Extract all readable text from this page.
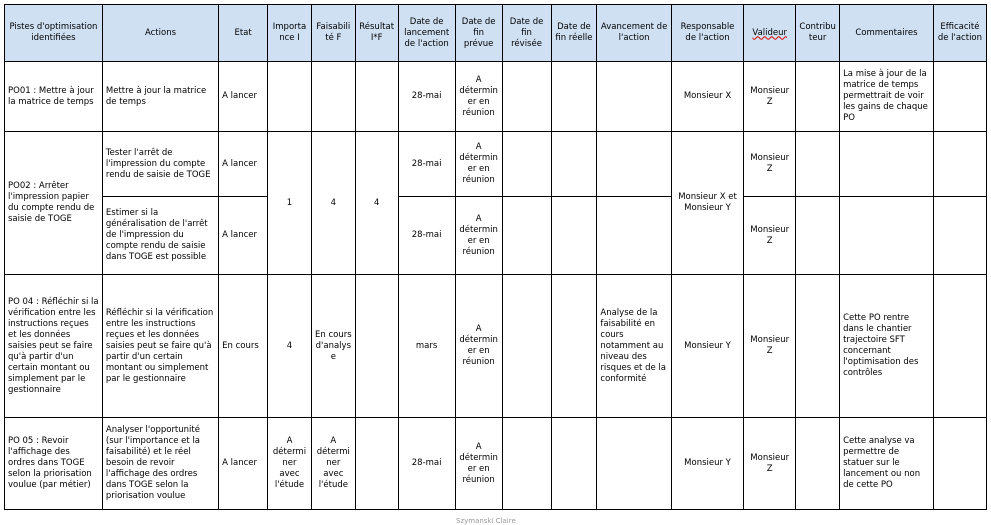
Pistes d'optimisation identifiées	Actions	Etat	Importance I	Faisabilité F	Résultat I*F	Date de lancement de l'action	Date de fin prévue	Date de fin révisée	Date de fin réelle	Avancement de l'action	Responsable de l'action	Valideur	Contributeur	Commentaires	Efficacité de l'action
PO01 : Mettre à jour la matrice de temps	Mettre à jour la matrice de temps	A lancer				28-mai	A déterminer en réunion				Monsieur X	Monsieur Z		La mise à jour de la matrice de temps permettrait de voir les gains de chaque PO	
PO02 : Arrêter l'impression papier du compte rendu de saisie de TOGE	Tester l'arrêt de l'impression du compte rendu de saisie de TOGE	A lancer	1	4	4	28-mai	A déterminer en réunion				Monsieur X et Monsieur Y	Monsieur Z			
	Estimer si la généralisation de l'arrêt de l'impression du compte rendu de saisie dans TOGE est possible	A lancer				28-mai	A déterminer en réunion					Monsieur Z			
PO 04 : Réfléchir si la vérification entre les instructions reçues et les données saisies peut se faire qu'à partir d'un certain montant ou simplement par le gestionnaire	Réfléchir si la vérification entre les instructions reçues et les données saisies peut se faire qu'à partir d'un certain montant ou simplement par le gestionnaire	En cours	4	En cours d'analyse		mars	A déterminer en réunion			Analyse de la faisabilité en cours notamment au niveau des risques et de la conformité	Monsieur Y	Monsieur Z		Cette PO rentre dans le chantier trajectoire SFT concernant l'optimisation des contrôles	
PO 05 : Revoir l'affichage des ordres dans TOGE selon la priorisation voulue (par métier)	Analyser l'opportunité (sur l'importance et la faisabilité) et le réel besoin de revoir l'affichage des ordres dans TOGE selon la priorisation voulue	A lancer	A déterminer avec l'étude	A déterminer avec l'étude		28-mai	A déterminer en réunion				Monsieur Y	Monsieur Z		Cette analyse va permettre de statuer sur le lancement ou non de cette PO	
Szymanski Claire
